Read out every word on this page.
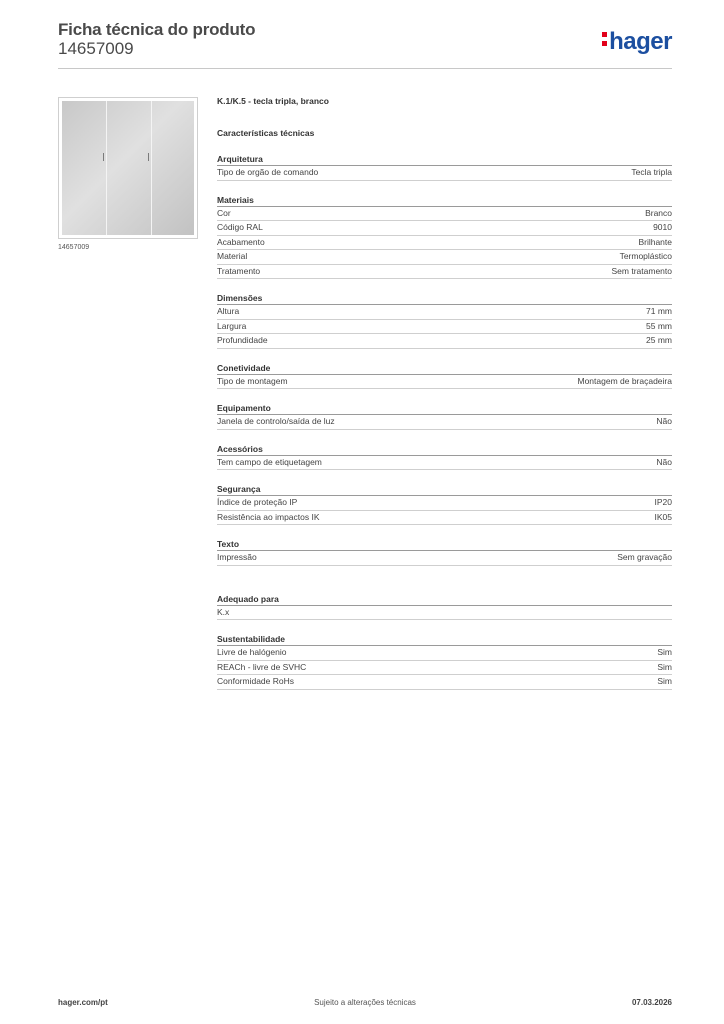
Ficha técnica do produto
14657009	hager
14657009
K.1/K.5 - tecla tripla, branco
Características técnicas
Arquitetura
Tipo de orgão de comando	Tecla tripla
Materiais
Cor	Branco
Código RAL	9010
Acabamento	Brilhante
Material	Termoplástico
Tratamento	Sem tratamento
Dimensões
Altura	71 mm
Largura	55 mm
Profundidade	25 mm
Conetividade
Tipo de montagem	Montagem de braçadeira
Equipamento
Janela de controlo/saída de luz	Não
Acessórios
Tem campo de etiquetagem	Não
Segurança
Índice de proteção IP	IP20
Resistência ao impactos IK	IK05
Texto
Impressão	Sem gravação
Adequado para
K.x
Sustentabilidade
Livre de halógenio	Sim
REACh - livre de SVHC	Sim
Conformidade RoHs	Sim
hager.com/pt	Sujeito a alterações técnicas	07.03.2026
